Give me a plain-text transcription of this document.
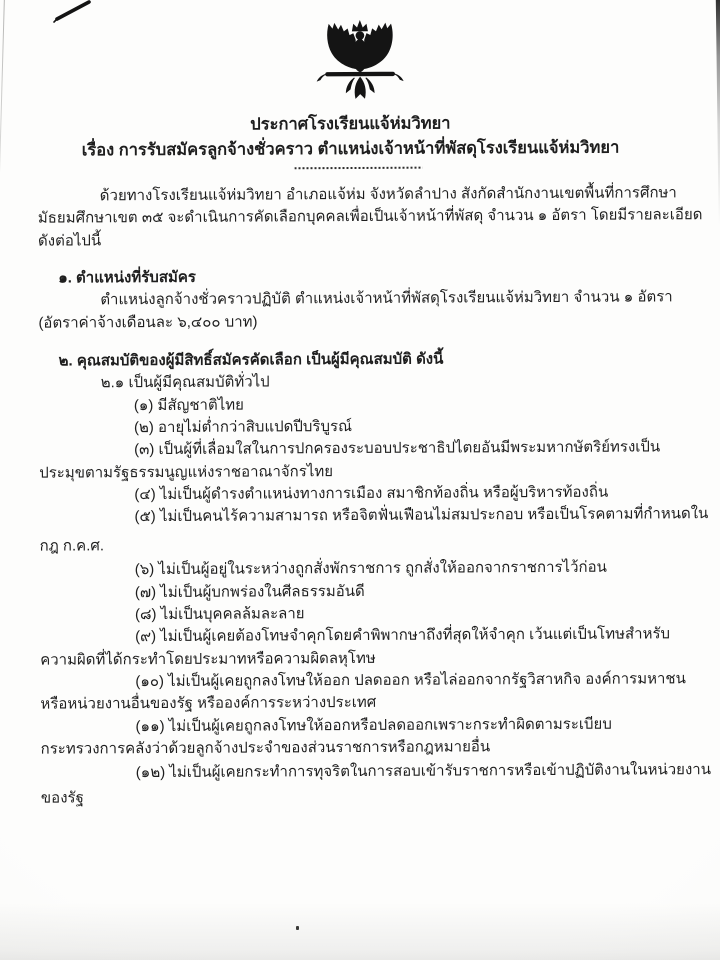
ประกาศโรงเรียนแจ้ห่มวิทยา
เรื่อง การรับสมัครลูกจ้างชั่วคราว ตำแหน่งเจ้าหน้าที่พัสดุโรงเรียนแจ้ห่มวิทยา
ด้วยทางโรงเรียนแจ้ห่มวิทยา อำเภอแจ้ห่ม จังหวัดลำปาง สังกัดสำนักงานเขตพื้นที่การศึกษา
มัธยมศึกษาเขต ๓๕ จะดำเนินการคัดเลือกบุคคลเพื่อเป็นเจ้าหน้าที่พัสดุ จำนวน ๑ อัตรา โดยมีรายละเอียด
ดังต่อไปนี้
๑. ตำแหน่งที่รับสมัคร
ตำแหน่งลูกจ้างชั่วคราวปฏิบัติ ตำแหน่งเจ้าหน้าที่พัสดุโรงเรียนแจ้ห่มวิทยา จำนวน ๑ อัตรา
(อัตราค่าจ้างเดือนละ ๖,๔๐๐ บาท)
๒. คุณสมบัติของผู้มีสิทธิ์สมัครคัดเลือก เป็นผู้มีคุณสมบัติ ดังนี้
๒.๑ เป็นผู้มีคุณสมบัติทั่วไป
(๑) มีสัญชาติไทย
(๒) อายุไม่ต่ำกว่าสิบแปดปีบริบูรณ์
(๓) เป็นผู้ที่เลื่อมใสในการปกครองระบอบประชาธิปไตยอันมีพระมหากษัตริย์ทรงเป็น
ประมุขตามรัฐธรรมนูญแห่งราชอาณาจักรไทย
(๔) ไม่เป็นผู้ดำรงตำแหน่งทางการเมือง สมาชิกท้องถิ่น หรือผู้บริหารท้องถิ่น
(๕) ไม่เป็นคนไร้ความสามารถ หรือจิตฟั่นเฟือนไม่สมประกอบ หรือเป็นโรคตามที่กำหนดใน
กฎ ก.ค.ศ.
(๖) ไม่เป็นผู้อยู่ในระหว่างถูกสั่งพักราชการ ถูกสั่งให้ออกจากราชการไว้ก่อน
(๗) ไม่เป็นผู้บกพร่องในศีลธรรมอันดี
(๘) ไม่เป็นบุคคลล้มละลาย
(๙) ไม่เป็นผู้เคยต้องโทษจำคุกโดยคำพิพากษาถึงที่สุดให้จำคุก เว้นแต่เป็นโทษสำหรับ
ความผิดที่ได้กระทำโดยประมาทหรือความผิดลหุโทษ
(๑๐) ไม่เป็นผู้เคยถูกลงโทษให้ออก ปลดออก หรือไล่ออกจากรัฐวิสาหกิจ องค์การมหาชน
หรือหน่วยงานอื่นของรัฐ หรือองค์การระหว่างประเทศ
(๑๑) ไม่เป็นผู้เคยถูกลงโทษให้ออกหรือปลดออกเพราะกระทำผิดตามระเบียบ
กระทรวงการคลังว่าด้วยลูกจ้างประจำของส่วนราชการหรือกฎหมายอื่น
(๑๒) ไม่เป็นผู้เคยกระทำการทุจริตในการสอบเข้ารับราชการหรือเข้าปฏิบัติงานในหน่วยงาน
ของรัฐ
